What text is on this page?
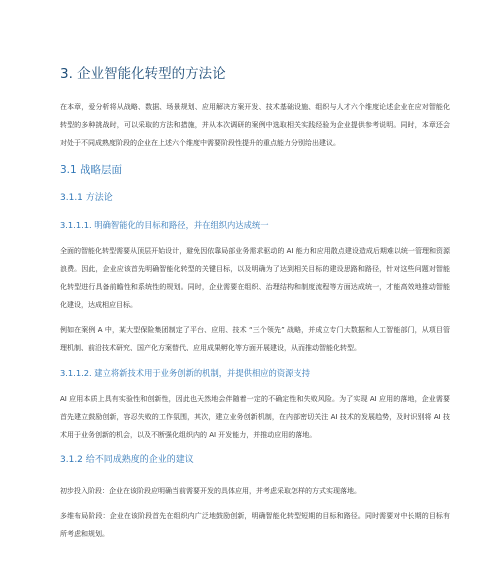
3. 企业智能化转型的方法论

在本章，爱分析将从战略、数据、场景规划、应用解决方案开发、技术基础设施、组织与人才六个维度论述企业在应对智能化转型的多种挑战时，可以采取的方法和措施，并从本次调研的案例中选取相关实践经验为企业提供参考说明。同时，本章还会对处于不同成熟度阶段的企业在上述六个维度中需要阶段性提升的重点能力分别给出建议。

3.1 战略层面
3.1.1 方法论
3.1.1.1. 明确智能化的目标和路径，并在组织内达成统一

全面的智能化转型需要从顶层开始设计，避免因依靠局部业务需求驱动的 AI 能力和应用散点建设造成后期难以统一管理和资源浪费。因此，企业应该首先明确智能化转型的关键目标，以及明确为了达到相关目标的建设思路和路径，针对这些问题对智能化转型进行具备前瞻性和系统性的规划。同时，企业需要在组织、治理结构和制度流程等方面达成统一，才能高效地推动智能化建设，达成相应目标。

例如在案例 A 中，某大型保险集团制定了平台、应用、技术 “三个领先” 战略，并成立专门大数据和人工智能部门，从项目管理机制、前沿技术研究、国产化方案替代、应用成果孵化等方面开展建设，从而推动智能化转型。

3.1.1.2. 建立将新技术用于业务创新的机制，并提供相应的资源支持

AI 应用本质上具有实验性和创新性，因此也天然地会伴随着一定的不确定性和失败风险。为了实现 AI 应用的落地，企业需要首先建立鼓励创新，容忍失败的工作氛围，其次，建立业务创新机制，在内部密切关注 AI 技术的发展趋势，及时识别将 AI 技术用于业务创新的机会，以及不断强化组织内的 AI 开发能力，并推动应用的落地。

3.1.2 给不同成熟度的企业的建议

初步投入阶段：企业在该阶段应明确当前需要开发的具体应用，并考虑采取怎样的方式实现落地。

多维布局阶段：企业在该阶段首先在组织内广泛地鼓励创新，明确智能化转型短期的目标和路径。同时需要对中长期的目标有所考虑和规划。
